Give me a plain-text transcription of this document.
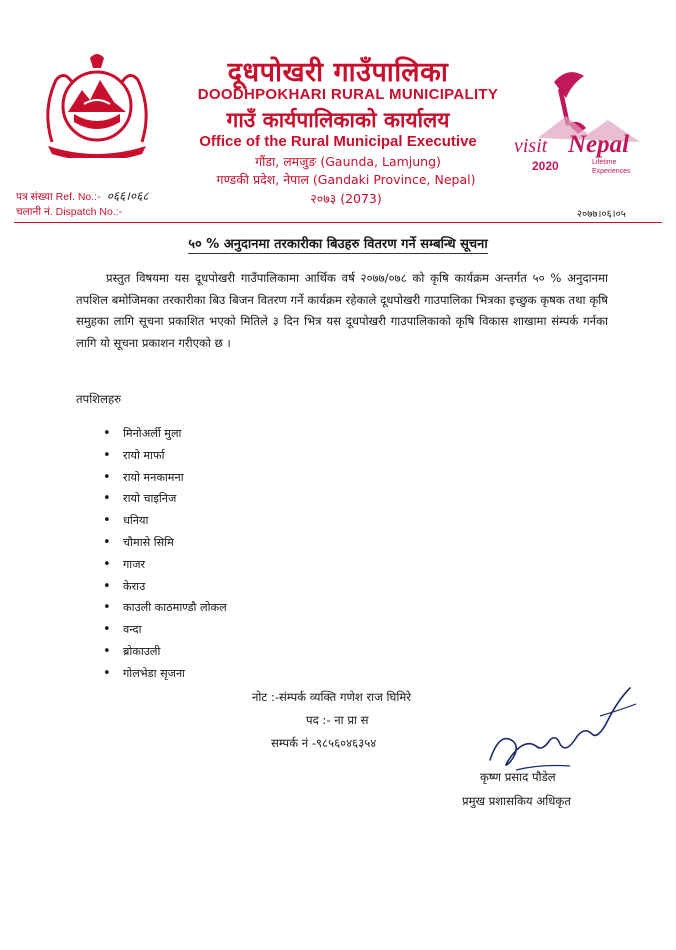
visit Nepal
2020	Lifetime
Experiences
दूधपोखरी गाउँपालिका
DOODHPOKHARI RURAL MUNICIPALITY
गाउँ कार्यपालिकाको कार्यालय
Office of the Rural Municipal Executive
गौंडा, लमजुङ (Gaunda, Lamjung)
गण्डकी प्रदेश, नेपाल (Gandaki Province, Nepal)
२०७३ (2073)
पत्र संख्या Ref. No.:- ०६६।०६८
चलानी नं. Dispatch No.:-	२०७७।०६।०५
५० % अनुदानमा तरकारीका बिउहरु वितरण गर्ने सम्बन्धि सूचना
प्रस्तुत विषयमा यस दूधपोखरी गाउँपालिकामा आर्थिक वर्ष २०७७/०७८ को कृषि कार्यक्रम अन्तर्गत ५० % अनुदानमा तपशिल बमोजिमका तरकारीका बिउ बिजन वितरण गर्ने कार्यक्रम रहेकाले दूधपोखरी गाउपालिका भित्रका इच्छुक कृषक तथा कृषि समुहका लागि सूचना प्रकाशित भएको मितिले ३ दिन भित्र यस दूधपोखरी गाउपालिकाको कृषि विकास शाखामा संम्पर्क गर्नका लागि यो सूचना प्रकाशन गरीएको छ ।
तपशिलहरु
• मिनोअर्ली मुला
• रायो मार्फा
• रायो मनकामना
• रायो चाइनिज
• धनिया
• चौमासे सिमि
• गाजर
• केराउ
• काउली काठमाण्डौ लोकल
• वन्दा
• ब्रोकाउली
• गोलभेडा सृजना
नोट :-संम्पर्क व्यक्ति गणेश राज घिमिरे
पद :- ना प्रा स
सम्पर्क नं -९८५६०४६३५४
कृष्ण प्रसाद पौडेल
प्रमुख प्रशासकिय अधिकृत
